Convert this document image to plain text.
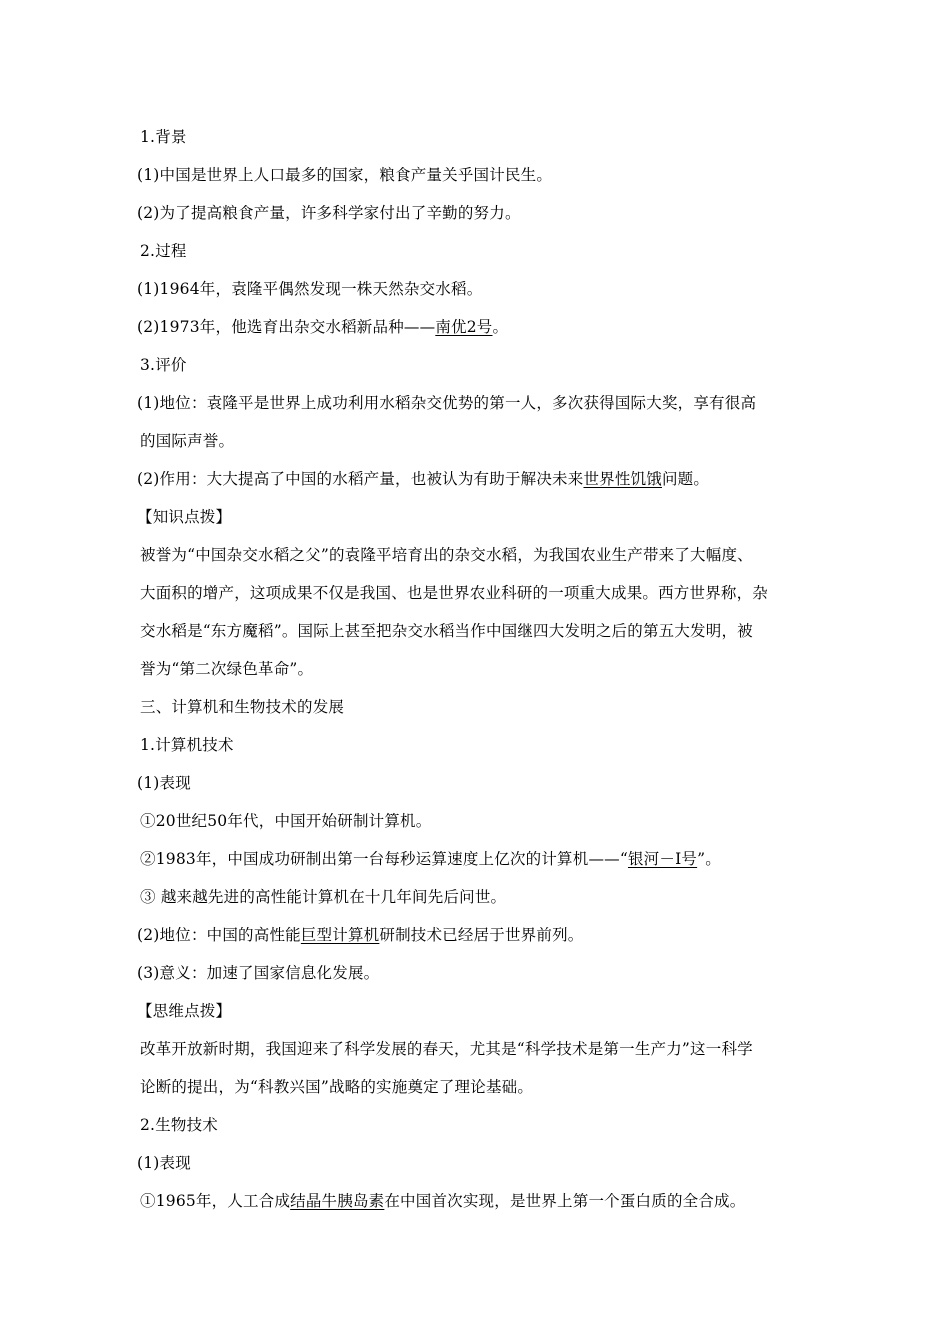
1.背景
(1)中国是世界上人口最多的国家，粮食产量关乎国计民生。
(2)为了提高粮食产量，许多科学家付出了辛勤的努力。
2.过程
(1)1964年，袁隆平偶然发现一株天然杂交水稻。
(2)1973年，他选育出杂交水稻新品种——南优2号。
3.评价
(1)地位：袁隆平是世界上成功利用水稻杂交优势的第一人，多次获得国际大奖，享有很高
的国际声誉。
(2)作用：大大提高了中国的水稻产量，也被认为有助于解决未来世界性饥饿问题。
【知识点拨】
被誉为“中国杂交水稻之父”的袁隆平培育出的杂交水稻，为我国农业生产带来了大幅度、
大面积的增产，这项成果不仅是我国、也是世界农业科研的一项重大成果。西方世界称，杂
交水稻是“东方魔稻”。国际上甚至把杂交水稻当作中国继四大发明之后的第五大发明，被
誉为“第二次绿色革命”。
三、计算机和生物技术的发展
1.计算机技术
(1)表现
①20世纪50年代，中国开始研制计算机。
②1983年，中国成功研制出第一台每秒运算速度上亿次的计算机——“银河－Ⅰ号”。
③ 越来越先进的高性能计算机在十几年间先后问世。
(2)地位：中国的高性能巨型计算机研制技术已经居于世界前列。
(3)意义：加速了国家信息化发展。
【思维点拨】
改革开放新时期，我国迎来了科学发展的春天，尤其是“科学技术是第一生产力”这一科学
论断的提出，为“科教兴国”战略的实施奠定了理论基础。
2.生物技术
(1)表现
①1965年，人工合成结晶牛胰岛素在中国首次实现，是世界上第一个蛋白质的全合成。
